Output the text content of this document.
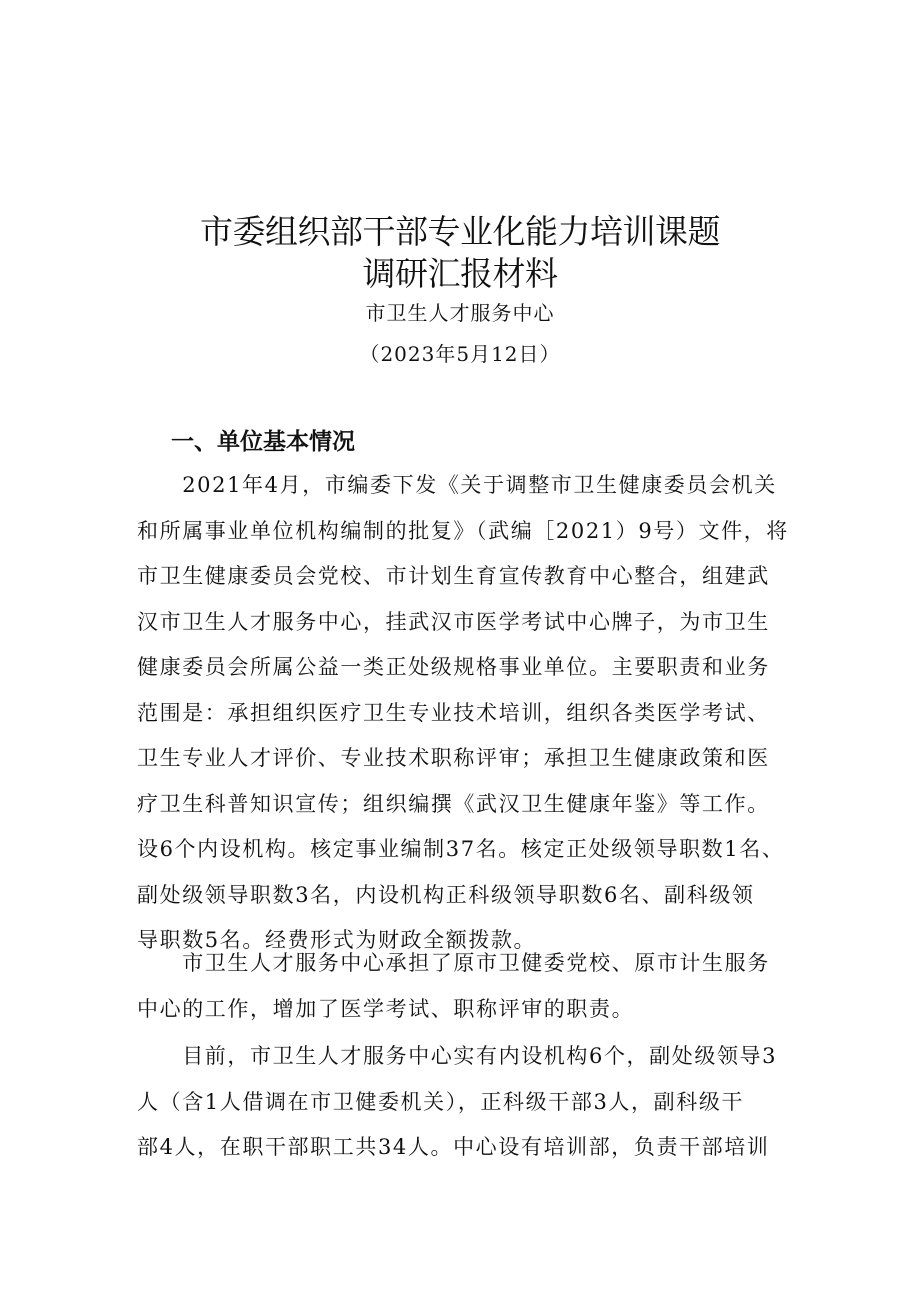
市委组织部干部专业化能力培训课题
调研汇报材料
市卫生人才服务中心
（2023年5月12日）
一、单位基本情况
　　2021年4月，市编委下发《关于调整市卫生健康委员会机关
和所属事业单位机构编制的批复》（武编［2021）9号）文件，将
市卫生健康委员会党校、市计划生育宣传教育中心整合，组建武
汉市卫生人才服务中心，挂武汉市医学考试中心牌子，为市卫生
健康委员会所属公益一类正处级规格事业单位。主要职责和业务
范围是：承担组织医疗卫生专业技术培训，组织各类医学考试、
卫生专业人才评价、专业技术职称评审；承担卫生健康政策和医
疗卫生科普知识宣传；组织编撰《武汉卫生健康年鉴》等工作。
设6个内设机构。核定事业编制37名。核定正处级领导职数1名、
副处级领导职数3名，内设机构正科级领导职数6名、副科级领
导职数5名。经费形式为财政全额拨款。
　　市卫生人才服务中心承担了原市卫健委党校、原市计生服务
中心的工作，增加了医学考试、职称评审的职责。
　　目前，市卫生人才服务中心实有内设机构6个，副处级领导3
人（含1人借调在市卫健委机关），正科级干部3人，副科级干
部4人，在职干部职工共34人。中心设有培训部，负责干部培训
